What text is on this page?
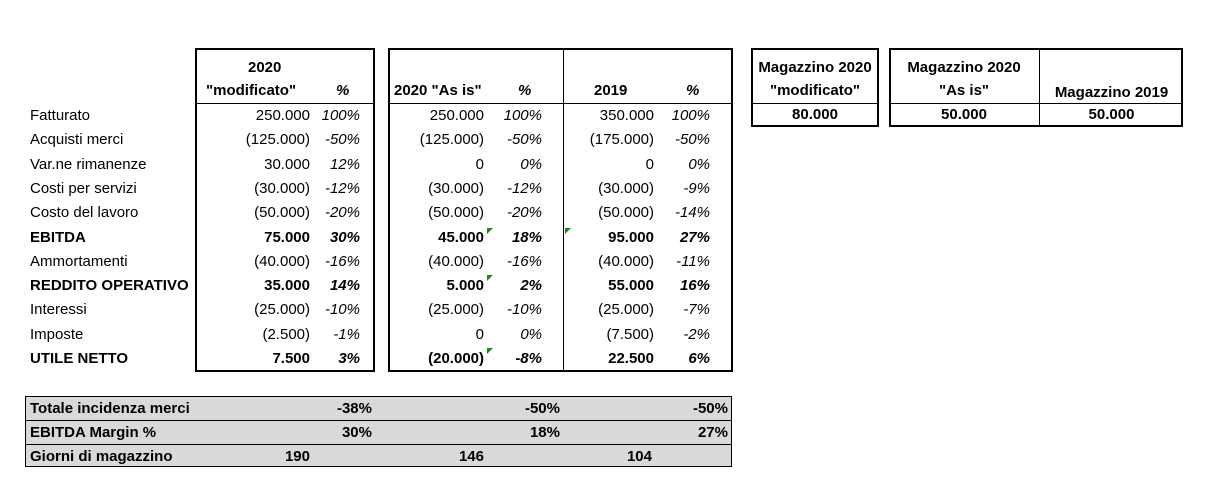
2020
"modificato"	%	2020 "As is" %	2019	%
Fatturato	250.000 100%	250.000	100%	350.000	100%
Acquisti merci	(125.000) -50%	(125.000)	-50%	(175.000)	-50%
Var.ne rimanenze	30.000	12%	0	0%	0	0%
Costi per servizi	(30.000) -12%	(30.000)	-12%	(30.000)	-9%
Costo del lavoro	(50.000) -20%	(50.000)	-20%	(50.000)	-14%
EBITDA	75.000	30%	45.000	18%	95.000	27%
Ammortamenti	(40.000) -16%	(40.000)	-16%	(40.000)	-11%
REDDITO OPERATIVO	35.000	14%	5.000	2%	55.000	16%
Interessi	(25.000) -10%	(25.000)	-10%	(25.000)	-7%
Imposte	(2.500)	-1%	0	0%	(7.500)	-2%
UTILE NETTO	7.500	3%	(20.000)	-8%	22.500	6%
Magazzino 2020
"modificato"
Magazzino 2020
"As is"	Magazzino 2019
80.000	50.000	50.000
Totale incidenza merci	-38%	-50%	-50%
EBITDA Margin %	30%	18%	27%
Giorni di magazzino	190	146	104
